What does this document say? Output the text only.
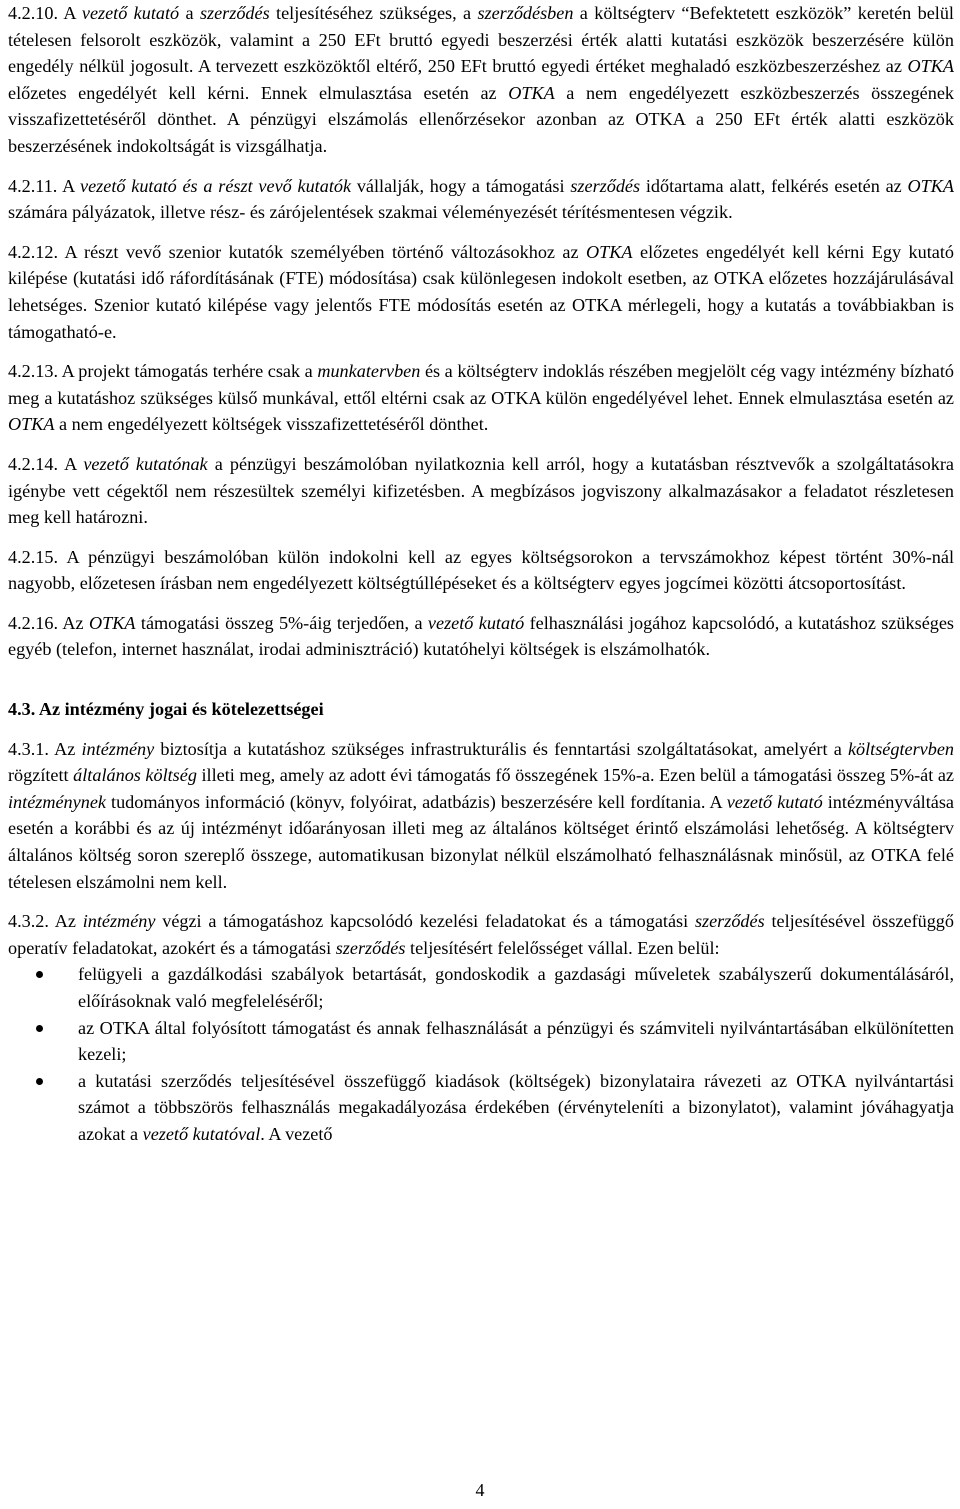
4.2.10. A vezető kutató a szerződés teljesítéséhez szükséges, a szerződésben a költségterv “Befektetett eszközök” keretén belül tételesen felsorolt eszközök, valamint a 250 EFt bruttó egyedi beszerzési érték alatti kutatási eszközök beszerzésére külön engedély nélkül jogosult. A tervezett eszközöktől eltérő, 250 EFt bruttó egyedi értéket meghaladó eszközbeszerzéshez az OTKA előzetes engedélyét kell kérni. Ennek elmulasztása esetén az OTKA a nem engedélyezett eszközbeszerzés összegének visszafizettetéséről dönthet. A pénzügyi elszámolás ellenőrzésekor azonban az OTKA a 250 EFt érték alatti eszközök beszerzésének indokoltságát is vizsgálhatja.

4.2.11. A vezető kutató és a részt vevő kutatók vállalják, hogy a támogatási szerződés időtartama alatt, felkérés esetén az OTKA számára pályázatok, illetve rész- és zárójelentések szakmai véleményezését térítésmentesen végzik.

4.2.12. A részt vevő szenior kutatók személyében történő változásokhoz az OTKA előzetes engedélyét kell kérni Egy kutató kilépése (kutatási idő ráfordításának (FTE) módosítása) csak különlegesen indokolt esetben, az OTKA előzetes hozzájárulásával lehetséges. Szenior kutató kilépése vagy jelentős FTE módosítás esetén az OTKA mérlegeli, hogy a kutatás a továbbiakban is támogatható-e.

4.2.13. A projekt támogatás terhére csak a munkatervben és a költségterv indoklás részében megjelölt cég vagy intézmény bízható meg a kutatáshoz szükséges külső munkával, ettől eltérni csak az OTKA külön engedélyével lehet. Ennek elmulasztása esetén az OTKA a nem engedélyezett költségek visszafizettetéséről dönthet.

4.2.14. A vezető kutatónak a pénzügyi beszámolóban nyilatkoznia kell arról, hogy a kutatásban résztvevők a szolgáltatásokra igénybe vett cégektől nem részesültek személyi kifizetésben. A megbízásos jogviszony alkalmazásakor a feladatot részletesen meg kell határozni.

4.2.15. A pénzügyi beszámolóban külön indokolni kell az egyes költségsorokon a tervszámokhoz képest történt 30%-nál nagyobb, előzetesen írásban nem engedélyezett költségtúllépéseket és a költségterv egyes jogcímei közötti átcsoportosítást.

4.2.16. Az OTKA támogatási összeg 5%-áig terjedően, a vezető kutató felhasználási jogához kapcsolódó, a kutatáshoz szükséges egyéb (telefon, internet használat, irodai adminisztráció) kutatóhelyi költségek is elszámolhatók.

4.3. Az intézmény jogai és kötelezettségei

4.3.1. Az intézmény biztosítja a kutatáshoz szükséges infrastrukturális és fenntartási szolgáltatásokat, amelyért a költségtervben rögzített általános költség illeti meg, amely az adott évi támogatás fő összegének 15%-a. Ezen belül a támogatási összeg 5%-át az intézménynek tudományos információ (könyv, folyóirat, adatbázis) beszerzésére kell fordítania. A vezető kutató intézményváltása esetén a korábbi és az új intézményt időarányosan illeti meg az általános költséget érintő elszámolási lehetőség. A költségterv általános költség soron szereplő összege, automatikusan bizonylat nélkül elszámolható felhasználásnak minősül, az OTKA felé tételesen elszámolni nem kell.

4.3.2. Az intézmény végzi a támogatáshoz kapcsolódó kezelési feladatokat és a támogatási szerződés teljesítésével összefüggő operatív feladatokat, azokért és a támogatási szerződés teljesítésért felelősséget vállal. Ezen belül:

felügyeli a gazdálkodási szabályok betartását, gondoskodik a gazdasági műveletek szabályszerű dokumentálásáról, előírásoknak való megfeleléséről;
az OTKA által folyósított támogatást és annak felhasználását a pénzügyi és számviteli nyilvántartásában elkülönítetten kezeli;
a kutatási szerződés teljesítésével összefüggő kiadások (költségek) bizonylataira rávezeti az OTKA nyilvántartási számot a többszörös felhasználás megakadályozása érdekében (érvényteleníti a bizonylatot), valamint jóváhagyatja azokat a vezető kutatóval. A vezető
4
